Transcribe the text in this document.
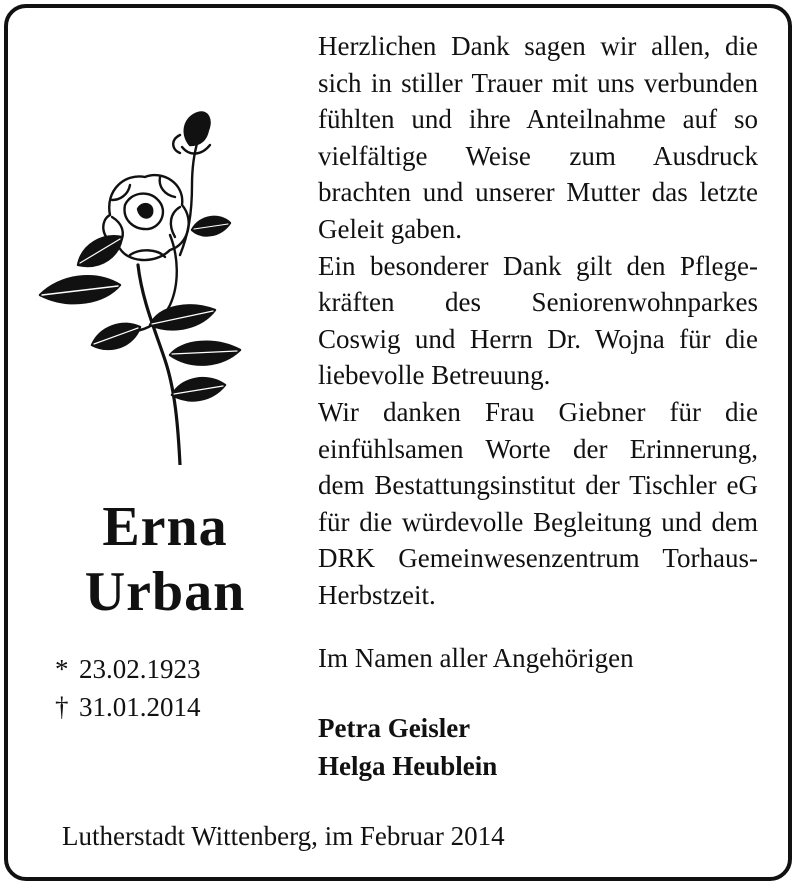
Erna
Urban
* 23.02.1923
† 31.01.2014

Herzlichen Dank sagen wir allen, die sich in stiller Trauer mit uns verbunden fühlten und ihre Anteilnahme auf so vielfältige Weise zum Ausdruck brachten und unserer Mutter das letzte Geleit gaben.

Ein besonderer Dank gilt den Pflegekräften des Seniorenwohnparkes Coswig und Herrn Dr. Wojna für die liebevolle Betreuung.

Wir danken Frau Giebner für die einfühlsamen Worte der Erinnerung, dem Bestattungsinstitut der Tischler eG für die würdevolle Begleitung und dem DRK Gemeinwesenzentrum Torhaus-Herbstzeit.

Im Namen aller Angehörigen
Petra Geisler
Helga Heublein
Lutherstadt Wittenberg, im Februar 2014
